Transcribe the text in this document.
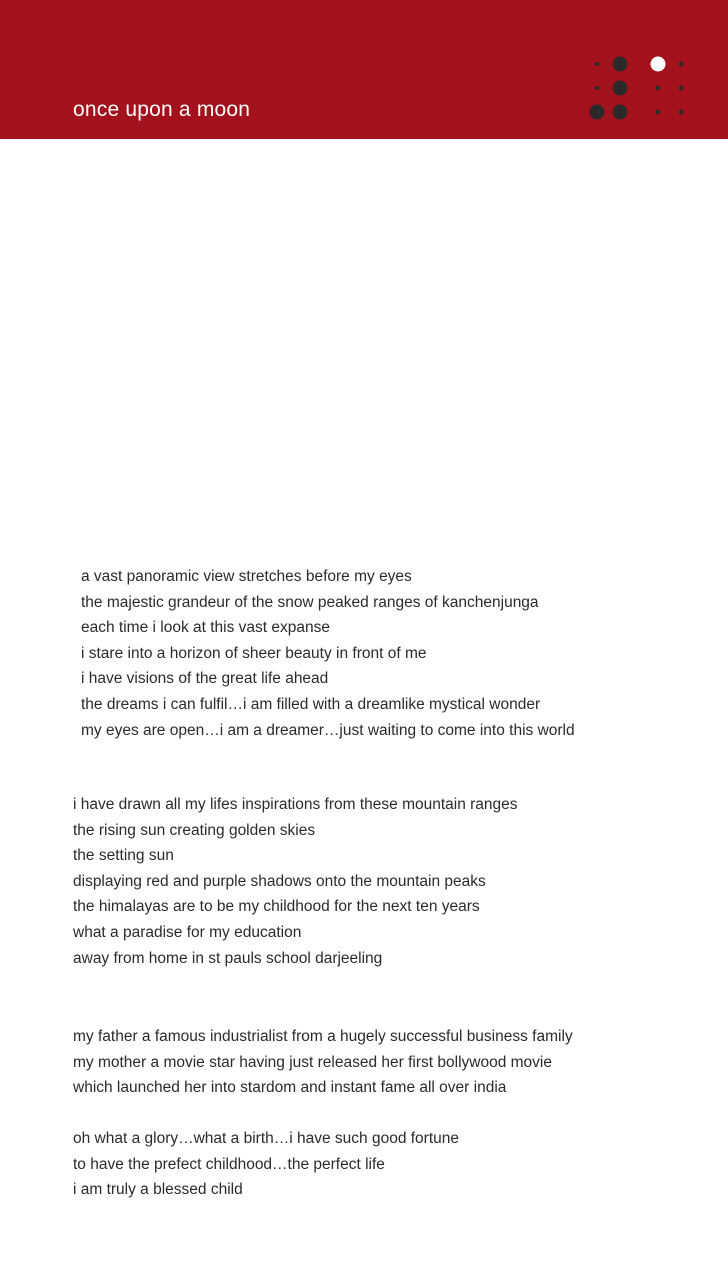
once upon a moon
a vast panoramic view stretches before my eyes
the majestic grandeur of the snow peaked ranges of kanchenjunga
each time i look at this vast expanse
i stare into a horizon of sheer beauty in front of me
i have visions of the great life ahead
the dreams i can fulfil…i am filled with a dreamlike mystical wonder
my eyes are open…i am a dreamer…just waiting to come into this world
i have drawn all my lifes inspirations from these mountain ranges
the rising sun creating golden skies
the setting sun
displaying red and purple shadows onto the mountain peaks
the himalayas are to be my childhood for the next ten years
what a paradise for my education
away from home in st pauls school darjeeling
my father a famous industrialist from a hugely successful business family
my mother a movie star having just released her first bollywood movie
which launched her into stardom and instant fame all over india
oh what a glory…what a birth…i have such good fortune
to have the prefect childhood…the perfect life
i am truly a blessed child
